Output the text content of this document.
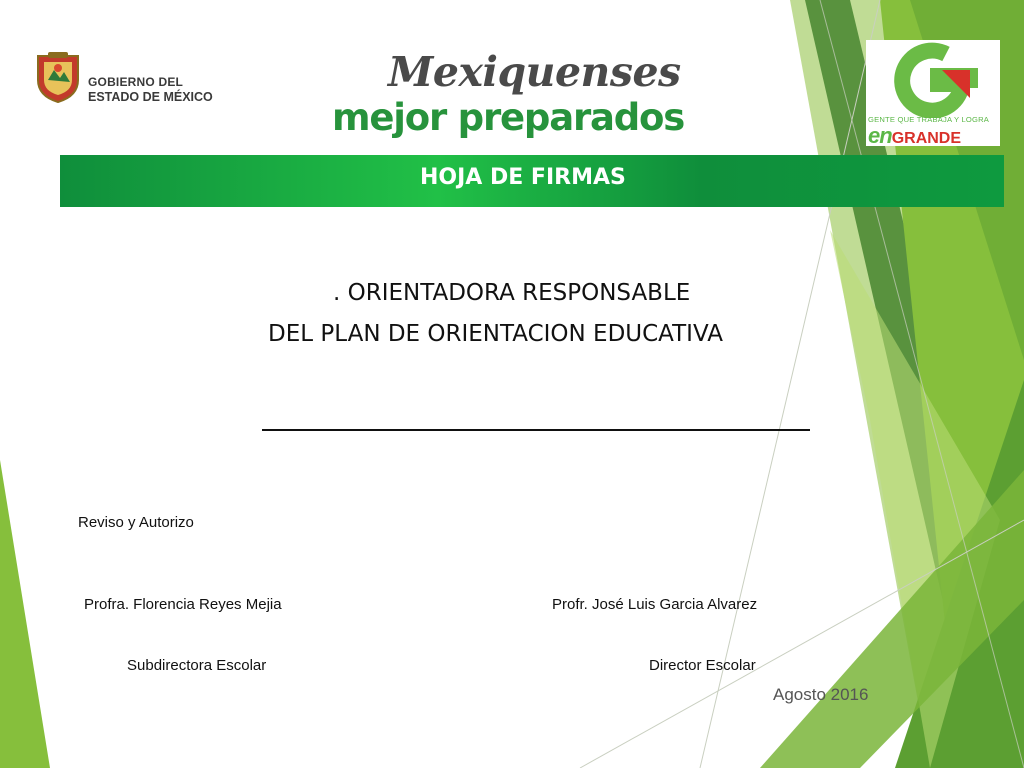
GOBIERNO DEL
ESTADO DE MÉXICO
Mexiquenses
mejor preparados	GENTE QUE TRABAJA Y LOGRA
enGRANDE
HOJA DE FIRMAS
. ORIENTADORA RESPONSABLE
DEL PLAN DE ORIENTACION EDUCATIVA
Reviso y Autorizo
Profra. Florencia Reyes Mejia	Profr. José Luis Garcia Alvarez
Subdirectora Escolar	Director Escolar
Agosto 2016
